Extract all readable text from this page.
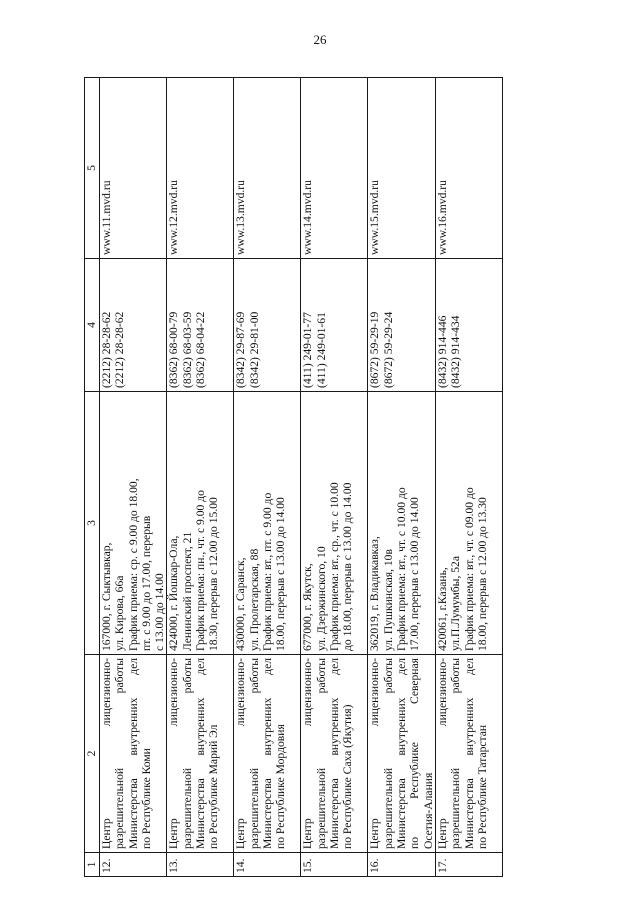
26
1	2	3	4	5
12.	Центр лицензионно- разрешительной работы Министерства внутренних дел по Республике Коми	167000, г. Сыктывкар, ул. Кирова, 66а График приема: ср. с 9.00 до 18.00, пт. с 9.00 до 17.00, перерыв с 13.00 до 14.00	(2212) 28-28-62 (2212) 28-28-62	www.11.mvd.ru
13.	Центр лицензионно- разрешительной работы Министерства внутренних дел по Республике Марий Эл	424000, г. Йошкар-Ола, Ленинский проспект, 21 График приема: пн., чт. с 9.00 до 18.30, перерыв с 12.00 до 15.00	(8362) 68-00-79 (8362) 68-03-59 (8362) 68-04-22	www.12.mvd.ru
14.	Центр лицензионно- разрешительной работы Министерства внутренних дел по Республике Мордовия	430000, г. Саранск, ул. Пролетарская, 88 График приема: вт., пт. с 9.00 до 18.00, перерыв с 13.00 до 14.00	(8342) 29-87-69 (8342) 29-81-00	www.13.mvd.ru
15.	Центр лицензионно- разрешительной работы Министерства внутренних дел по Республике Саха (Якутия)	677000, г. Якутск, ул. Дзержинского, 10 График приема: вт., ср., чт. с 10.00 до 18.00, перерыв с 13.00 до 14.00	(411) 249-01-77 (411) 249-01-61	www.14.mvd.ru
16.	Центр лицензионно- разрешительной работы Министерства внутренних дел по Республике Северная Осетия-Алания	362019, г. Владикавказ, ул. Пушкинская, 10в График приема: вт., чт. с 10.00 до 17.00, перерыв с 13.00 до 14.00	(8672) 59-29-19 (8672) 59-29-24	www.15.mvd.ru
17.	Центр лицензионно- разрешительной работы Министерства внутренних дел по Республике Татарстан	420061, г.Казань, ул.П.Лумумбы, 52а График приема: вт., чт. с 09.00 до 18.00, перерыв с 12.00 до 13.30	(8432) 914-446 (8432) 914-434	www.16.mvd.ru
